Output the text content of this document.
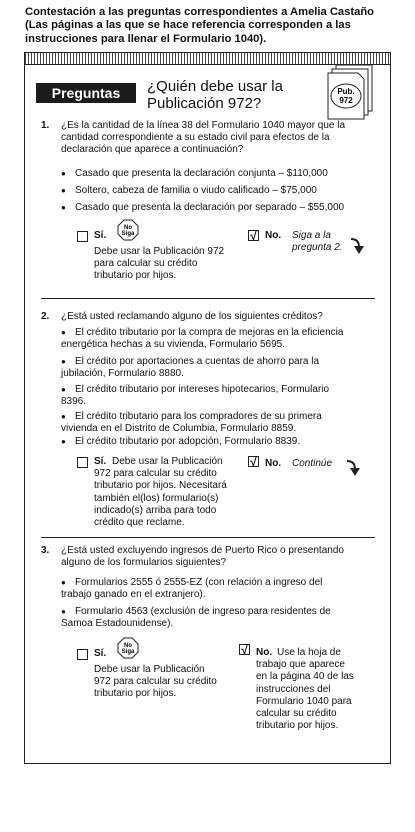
Contestación a las preguntas correspondientes a Amelia Castaño
(Las páginas a las que se hace referencia corresponden a las
instrucciones para llenar el Formulario 1040).
Preguntas	¿Quién debe usar la
Publicación 972?
Pub.
972
1. ¿Es la cantidad de la línea 38 del Formulario 1040 mayor que la
cantidad correspondiente a su estado civil para efectos de la
declaración que aparece a continuación?
● Casado que presenta la declaración conjunta – $110,000
● Soltero, cabeza de familia o viudo calificado – $75,000
● Casado que presenta la declaración por separado – $55,000
Sí.
No
Siga
Debe usar la Publicación 972
para calcular su crédito
tributario por hijos.
√ No. Siga a la
pregunta 2.
2. ¿Está usted reclamando alguno de los siguientes créditos?
● El crédito tributario por la compra de mejoras en la eficiencia
energética hechas a su vivienda, Formulario 5695.
● El crédito por aportaciones a cuentas de ahorro para la
jubilación, Formulario 8880.
● El crédito tributario por intereses hipotecarios, Formulario
8396.
● El crédito tributario para los compradores de su primera
vivienda en el Distrito de Columbia, Formulario 8859.
● El crédito tributario por adopción, Formulario 8839.
Sí. Debe usar la Publicación
972 para calcular su crédito
tributario por hijos. Necesitará
también el(los) formulario(s)
indicado(s) arriba para todo
crédito que reclame.
√ No. Continúe
3. ¿Está usted excluyendo ingresos de Puerto Rico o presentando
alguno de los formularios siguientes?
● Formularios 2555 ó 2555-EZ (con relación a ingreso del
trabajo ganado en el extranjero).
● Formulario 4563 (exclusión de ingreso para residentes de
Samoa Estadounidense).
Sí.
No
Siga
Debe usar la Publicación
972 para calcular su crédito
tributario por hijos.
√ No. Use la hoja de
trabajo que aparece
en la página 40 de las
instrucciones del
Formulario 1040 para
calcular su crédito
tributario por hijos.
